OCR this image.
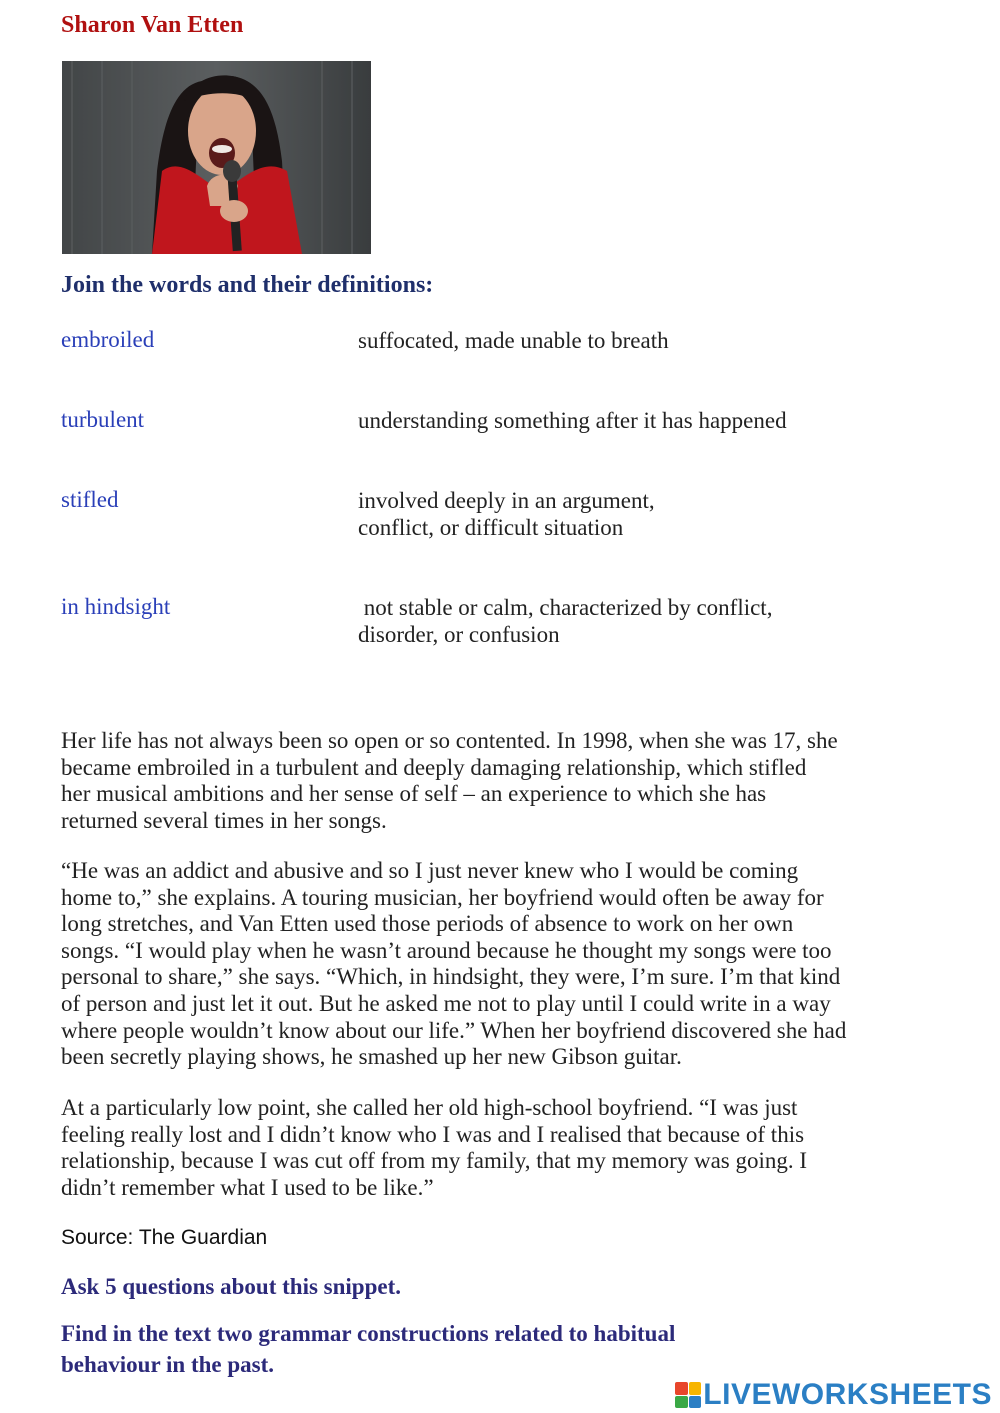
Sharon Van Etten
Join the words and their definitions:
embroiled
turbulent
stifled
in hindsight
suffocated, made unable to breath
understanding something after it has happened
involved deeply in an argument,
conflict, or difficult situation
not stable or calm, characterized by conflict,
disorder, or confusion
Her life has not always been so open or so contented. In 1998, when she was 17, she
became embroiled in a turbulent and deeply damaging relationship, which stifled
her musical ambitions and her sense of self – an experience to which she has
returned several times in her songs.
“He was an addict and abusive and so I just never knew who I would be coming
home to,” she explains. A touring musician, her boyfriend would often be away for
long stretches, and Van Etten used those periods of absence to work on her own
songs. “I would play when he wasn’t around because he thought my songs were too
personal to share,” she says. “Which, in hindsight, they were, I’m sure. I’m that kind
of person and just let it out. But he asked me not to play until I could write in a way
where people wouldn’t know about our life.” When her boyfriend discovered she had
been secretly playing shows, he smashed up her new Gibson guitar.
At a particularly low point, she called her old high-school boyfriend. “I was just
feeling really lost and I didn’t know who I was and I realised that because of this
relationship, because I was cut off from my family, that my memory was going. I
didn’t remember what I used to be like.”
Source: The Guardian
Ask 5 questions about this snippet.
Find in the text two grammar constructions related to habitual
behaviour in the past.
LIVEWORKSHEETS
